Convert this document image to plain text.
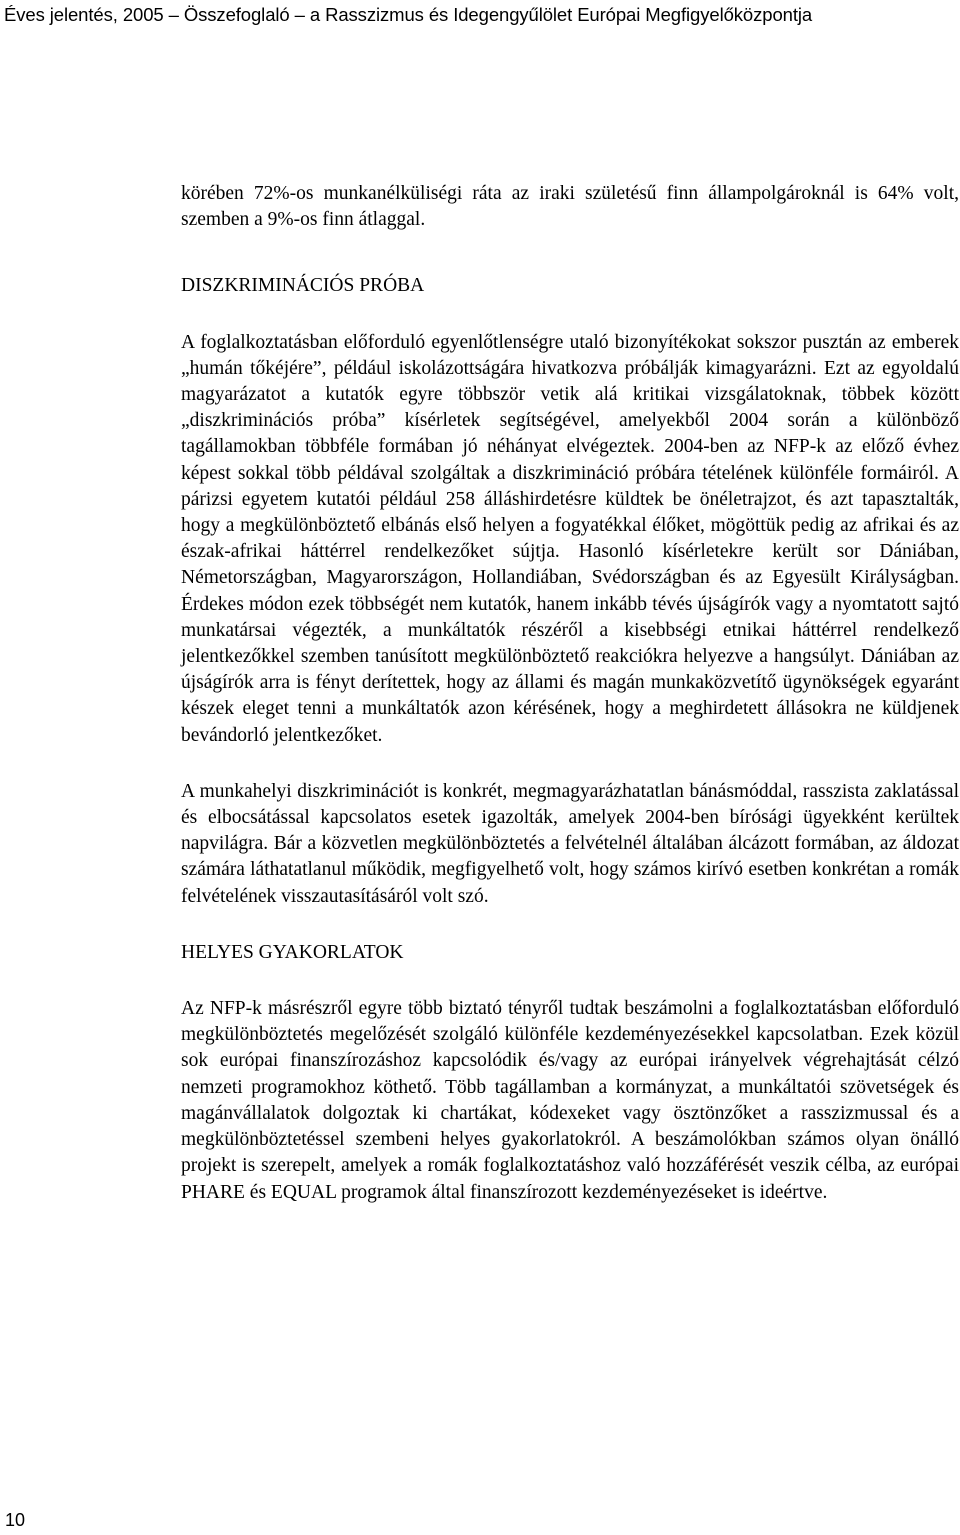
Éves jelentés, 2005 – Összefoglaló – a Rasszizmus és Idegengyűlölet Európai Megfigyelőközpontja

körében 72%-os munkanélküliségi ráta az iraki születésű finn állampolgároknál is 64% volt, szemben a 9%-os finn átlaggal.

DISZKRIMINÁCIÓS PRÓBA

A foglalkoztatásban előforduló egyenlőtlenségre utaló bizonyítékokat sokszor pusztán az emberek „humán tőkéjére”, például iskolázottságára hivatkozva próbálják kimagyarázni. Ezt az egyoldalú magyarázatot a kutatók egyre többször vetik alá kritikai vizsgálatoknak, többek között „diszkriminációs próba” kísérletek segítségével, amelyekből 2004 során a különböző tagállamokban többféle formában jó néhányat elvégeztek. 2004-ben az NFP-k az előző évhez képest sokkal több példával szolgáltak a diszkrimináció próbára tételének különféle formáiról. A párizsi egyetem kutatói például 258 álláshirdetésre küldtek be önéletrajzot, és azt tapasztalták, hogy a megkülönböztető elbánás első helyen a fogyatékkal élőket, mögöttük pedig az afrikai és az észak-afrikai háttérrel rendelkezőket sújtja. Hasonló kísérletekre került sor Dániában, Németországban, Magyarországon, Hollandiában, Svédországban és az Egyesült Királyságban. Érdekes módon ezek többségét nem kutatók, hanem inkább tévés újságírók vagy a nyomtatott sajtó munkatársai végezték, a munkáltatók részéről a kisebbségi etnikai háttérrel rendelkező jelentkezőkkel szemben tanúsított megkülönböztető reakciókra helyezve a hangsúlyt. Dániában az újságírók arra is fényt derítettek, hogy az állami és magán munkaközvetítő ügynökségek egyaránt készek eleget tenni a munkáltatók azon kérésének, hogy a meghirdetett állásokra ne küldjenek bevándorló jelentkezőket.

A munkahelyi diszkriminációt is konkrét, megmagyarázhatatlan bánásmóddal, rasszista zaklatással és elbocsátással kapcsolatos esetek igazolták, amelyek 2004-ben bírósági ügyekként kerültek napvilágra. Bár a közvetlen megkülönböztetés a felvételnél általában álcázott formában, az áldozat számára láthatatlanul működik, megfigyelhető volt, hogy számos kirívó esetben konkrétan a romák felvételének visszautasításáról volt szó.

HELYES GYAKORLATOK

Az NFP-k másrészről egyre több biztató tényről tudtak beszámolni a foglalkoztatásban előforduló megkülönböztetés megelőzését szolgáló különféle kezdeményezésekkel kapcsolatban. Ezek közül sok európai finanszírozáshoz kapcsolódik és/vagy az európai irányelvek végrehajtását célzó nemzeti programokhoz köthető. Több tagállamban a kormányzat, a munkáltatói szövetségek és magánvállalatok dolgoztak ki chartákat, kódexeket vagy ösztönzőket a rasszizmussal és a megkülönböztetéssel szembeni helyes gyakorlatokról. A beszámolókban számos olyan önálló projekt is szerepelt, amelyek a romák foglalkoztatáshoz való hozzáférését veszik célba, az európai PHARE és EQUAL programok által finanszírozott kezdeményezéseket is ideértve.

10
